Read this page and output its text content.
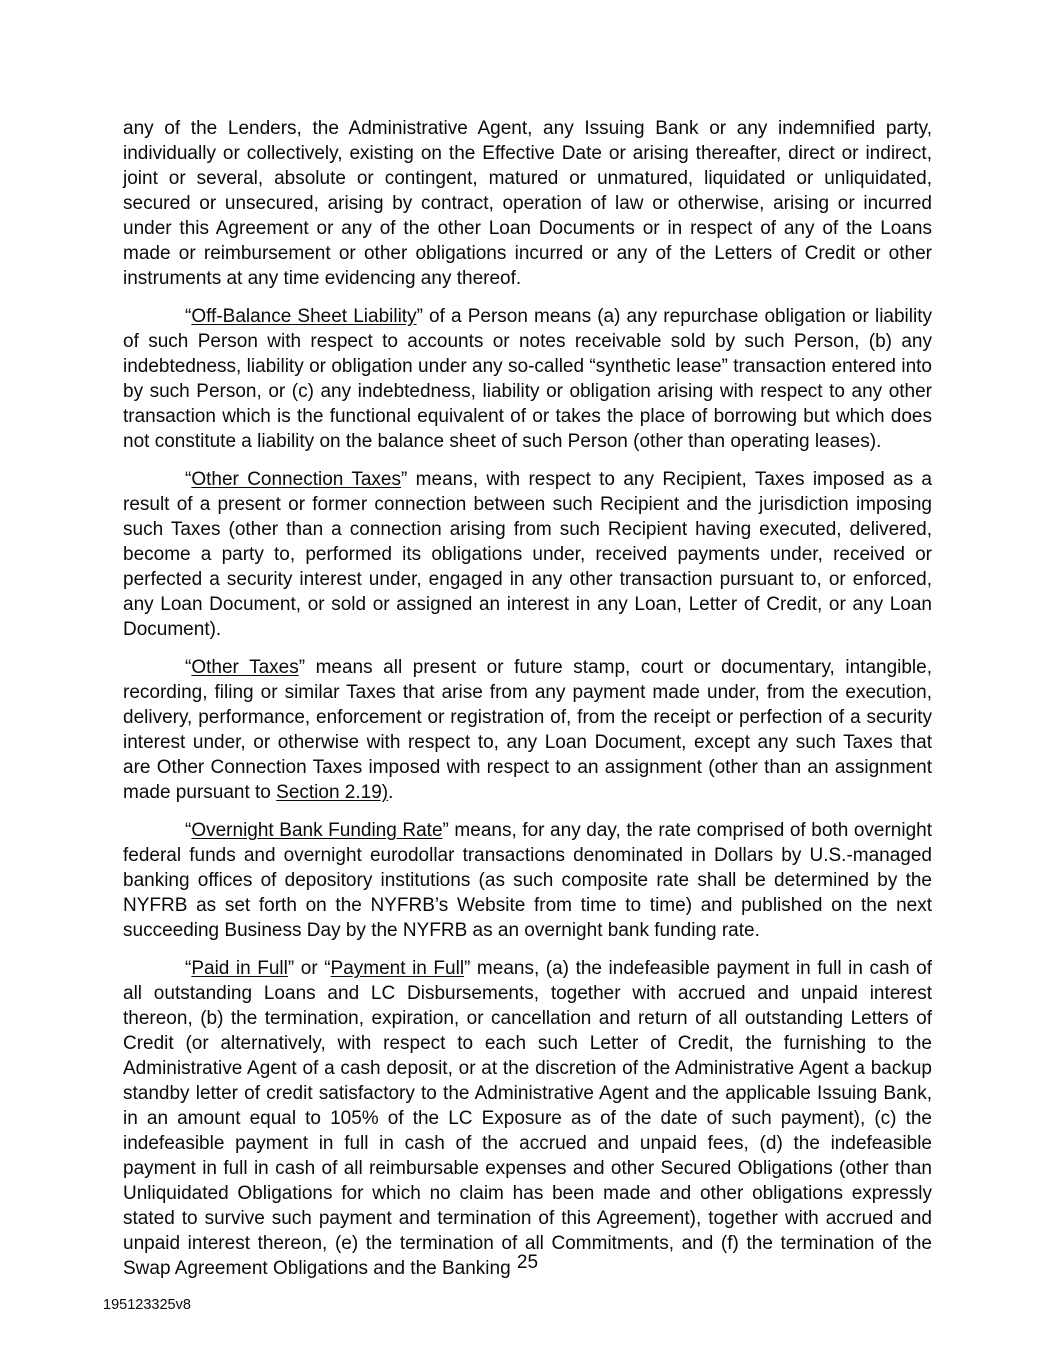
any of the Lenders, the Administrative Agent, any Issuing Bank or any indemnified party, individually or collectively, existing on the Effective Date or arising thereafter, direct or indirect, joint or several, absolute or contingent, matured or unmatured, liquidated or unliquidated, secured or unsecured, arising by contract, operation of law or otherwise, arising or incurred under this Agreement or any of the other Loan Documents or in respect of any of the Loans made or reimbursement or other obligations incurred or any of the Letters of Credit or other instruments at any time evidencing any thereof.

“Off-Balance Sheet Liability” of a Person means (a) any repurchase obligation or liability of such Person with respect to accounts or notes receivable sold by such Person, (b) any indebtedness, liability or obligation under any so-called “synthetic lease” transaction entered into by such Person, or (c) any indebtedness, liability or obligation arising with respect to any other transaction which is the functional equivalent of or takes the place of borrowing but which does not constitute a liability on the balance sheet of such Person (other than operating leases).

“Other Connection Taxes” means, with respect to any Recipient, Taxes imposed as a result of a present or former connection between such Recipient and the jurisdiction imposing such Taxes (other than a connection arising from such Recipient having executed, delivered, become a party to, performed its obligations under, received payments under, received or perfected a security interest under, engaged in any other transaction pursuant to, or enforced, any Loan Document, or sold or assigned an interest in any Loan, Letter of Credit, or any Loan Document).

“Other Taxes” means all present or future stamp, court or documentary, intangible, recording, filing or similar Taxes that arise from any payment made under, from the execution, delivery, performance, enforcement or registration of, from the receipt or perfection of a security interest under, or otherwise with respect to, any Loan Document, except any such Taxes that are Other Connection Taxes imposed with respect to an assignment (other than an assignment made pursuant to Section 2.19).

“Overnight Bank Funding Rate” means, for any day, the rate comprised of both overnight federal funds and overnight eurodollar transactions denominated in Dollars by U.S.-managed banking offices of depository institutions (as such composite rate shall be determined by the NYFRB as set forth on the NYFRB’s Website from time to time) and published on the next succeeding Business Day by the NYFRB as an overnight bank funding rate.

“Paid in Full” or “Payment in Full” means, (a) the indefeasible payment in full in cash of all outstanding Loans and LC Disbursements, together with accrued and unpaid interest thereon, (b) the termination, expiration, or cancellation and return of all outstanding Letters of Credit (or alternatively, with respect to each such Letter of Credit, the furnishing to the Administrative Agent of a cash deposit, or at the discretion of the Administrative Agent a backup standby letter of credit satisfactory to the Administrative Agent and the applicable Issuing Bank, in an amount equal to 105% of the LC Exposure as of the date of such payment), (c) the indefeasible payment in full in cash of the accrued and unpaid fees, (d) the indefeasible payment in full in cash of all reimbursable expenses and other Secured Obligations (other than Unliquidated Obligations for which no claim has been made and other obligations expressly stated to survive such payment and termination of this Agreement), together with accrued and unpaid interest thereon, (e) the termination of all Commitments, and (f) the termination of the Swap Agreement Obligations and the Banking 25
195123325v8
